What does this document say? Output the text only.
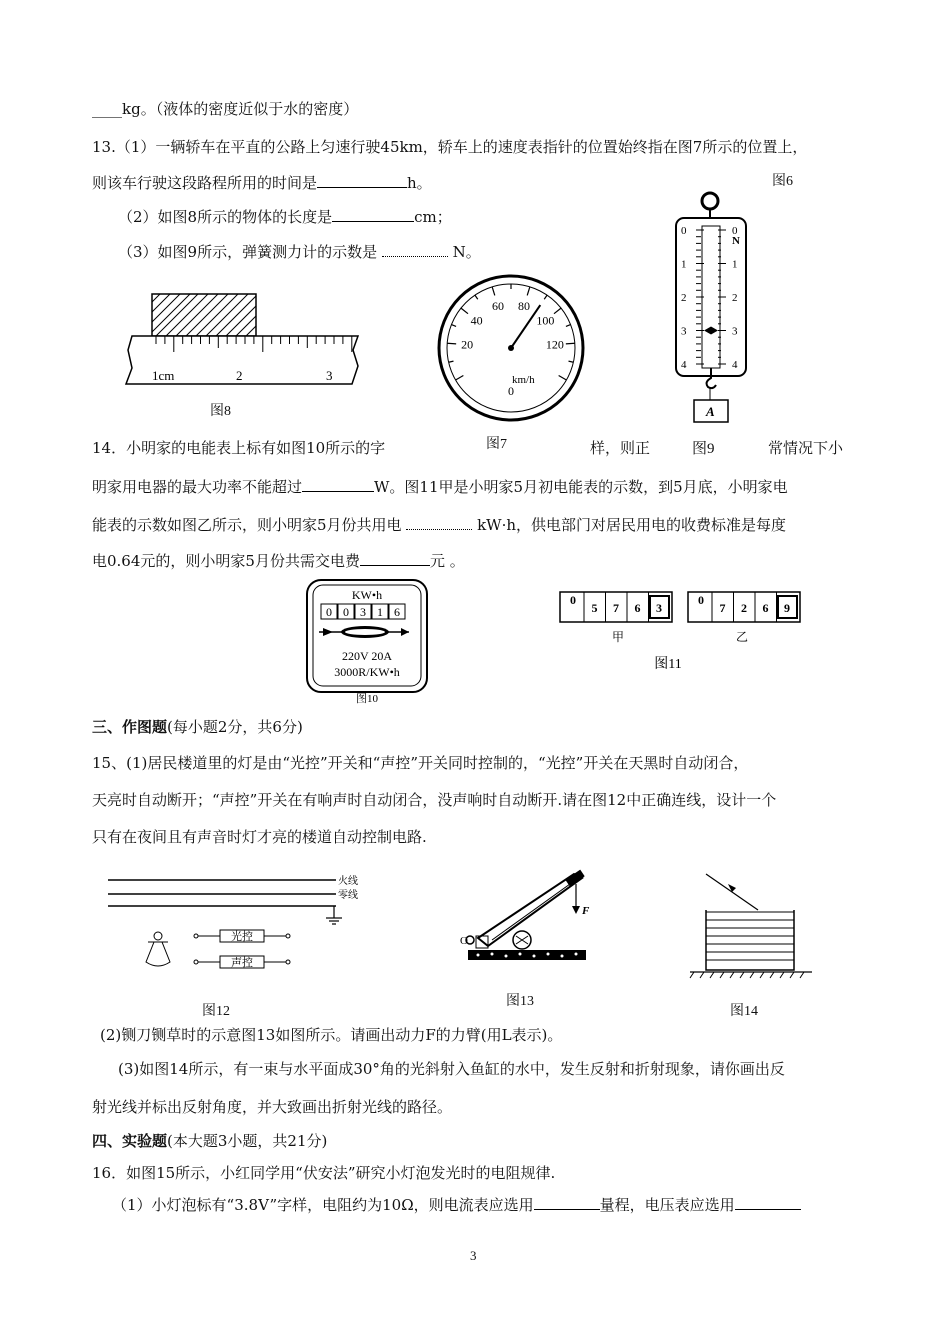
____kg。（液体的密度近似于水的密度）
13.（1）一辆轿车在平直的公路上匀速行驶45km，轿车上的速度表指针的位置始终指在图7所示的位置上，
则该车行驶这段路程所用的时间是	h。	图6
（2）如图8所示的物体的长度是	cm；
（3）如图9所示，弹簧测力计的示数是	N。
1cm	2	3
图8
20
40
60 80
100
120
0
km/h
图7
0	0
1	1
2	2
3	3
4	4
N
A
14．小明家的电能表上标有如图10所示的字	样，则正	图9	常情况下小
明家用电器的最大功率不能超过	W。图11甲是小明家5月初电能表的示数，到5月底，小明家电
能表的示数如图乙所示，则小明家5月份共用电	kW·h，供电部门对居民用电的收费标准是每度
电0.64元的，则小明家5月份共需交电费	元 。
KW•h
0 0 3 1 6
220V 20A
3000R/KW•h
图10
0
5 7 6 3
0
7 2 6 9
甲	乙
图11
三、作图题(每小题2分，共6分)
15、(1)居民楼道里的灯是由“光控”开关和“声控”开关同时控制的，“光控”开关在天黑时自动闭合，
天亮时自动断开；“声控”开关在有响声时自动闭合，没声响时自动断开.请在图12中正确连线，设计一个
只有在夜间且有声音时灯才亮的楼道自动控制电路.
火线
零线
光控
声控
图12
F
O
图13
图14
(2)铡刀铡草时的示意图13如图所示。请画出动力F的力臂(用L表示)。
(3)如图14所示，有一束与水平面成30°角的光斜射入鱼缸的水中，发生反射和折射现象，请你画出反
射光线并标出反射角度，并大致画出折射光线的路径。
四、实验题(本大题3小题，共21分)
16．如图15所示，小红同学用“伏安法”研究小灯泡发光时的电阻规律.
（1）小灯泡标有“3.8V”字样，电阻约为10Ω，则电流表应选用	量程，电压表应选用
3
